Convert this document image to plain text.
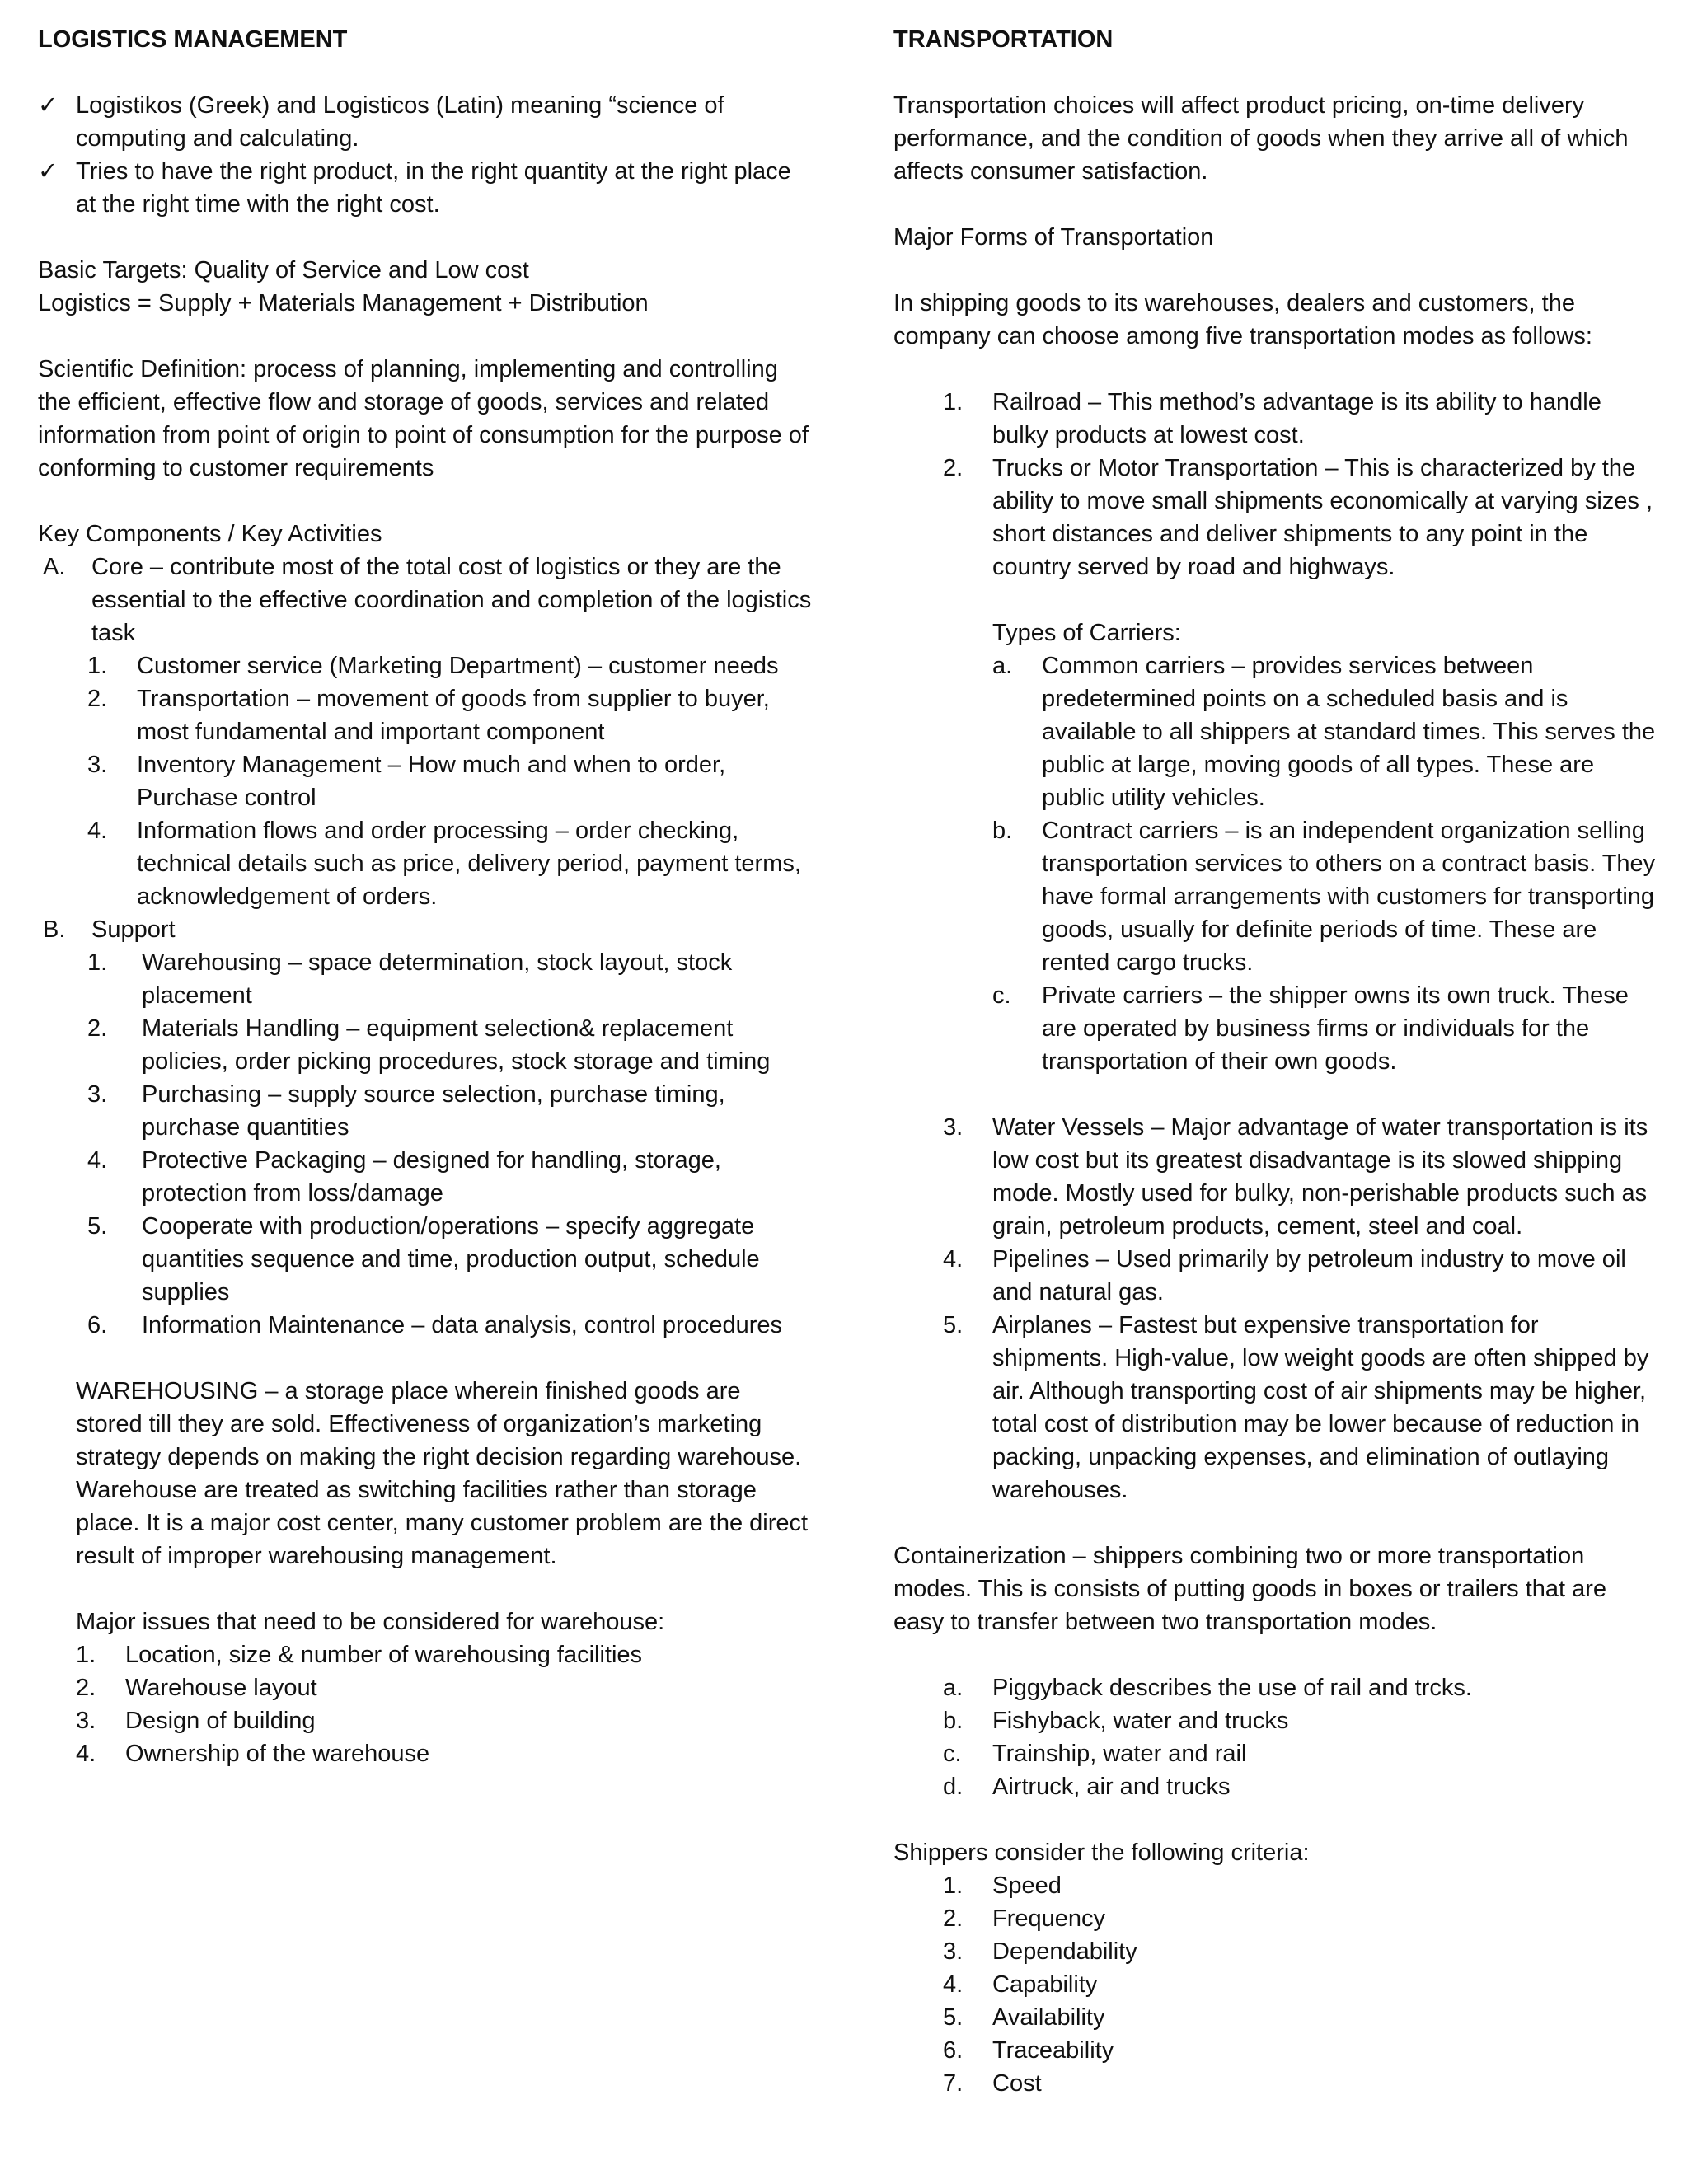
LOGISTICS MANAGEMENT

✓ Logistikos (Greek) and Logisticos (Latin) meaning “science of computing and calculating.
✓ Tries to have the right product, in the right quantity at the right place at the right time with the right cost.

Basic Targets: Quality of Service and Low cost

Logistics = Supply + Materials Management + Distribution

Scientific Definition: process of planning, implementing and controlling the efficient, effective flow and storage of goods, services and related information from point of origin to point of consumption for the purpose of conforming to customer requirements

Key Components / Key Activities

A.	Core – contribute most of the total cost of logistics or they are the essential to the effective coordination and completion of the logistics task
1.	Customer service (Marketing Department) – customer needs
2.	Transportation – movement of goods from supplier to buyer, most fundamental and important component
3.	Inventory Management – How much and when to order, Purchase control
4.	Information flows and order processing – order checking, technical details such as price, delivery period, payment terms, acknowledgement of orders.
B.	Support
1.	Warehousing – space determination, stock layout, stock placement
2.	Materials Handling – equipment selection& replacement policies, order picking procedures, stock storage and timing
3.	Purchasing – supply source selection, purchase timing, purchase quantities
4.	Protective Packaging – designed for handling, storage, protection from loss/damage
5.	Cooperate with production/operations – specify aggregate quantities sequence and time, production output, schedule supplies
6.	Information Maintenance – data analysis, control procedures

WAREHOUSING – a storage place wherein finished goods are stored till they are sold. Effectiveness of organization’s marketing strategy depends on making the right decision regarding warehouse.

Warehouse are treated as switching facilities rather than storage place. It is a major cost center, many customer problem are the direct result of improper warehousing management.

Major issues that need to be considered for warehouse:

1.	Location, size & number of warehousing facilities
2.	Warehouse layout
3.	Design of building
4.	Ownership of the warehouse

TRANSPORTATION

Transportation choices will affect product pricing, on-time delivery performance, and the condition of goods when they arrive all of which affects consumer satisfaction.

Major Forms of Transportation

In shipping goods to its warehouses, dealers and customers, the company can choose among five transportation modes as follows:

1.	Railroad – This method’s advantage is its ability to handle bulky products at lowest cost.
2.	Trucks or Motor Transportation – This is characterized by the ability to move small shipments economically at varying sizes , short distances and deliver shipments to any point in the country served by road and highways.

Types of Carriers:

a.	Common carriers – provides services between predetermined points on a scheduled basis and is available to all shippers at standard times. This serves the public at large, moving goods of all types. These are public utility vehicles.
b.	Contract carriers – is an independent organization selling transportation services to others on a contract basis. They have formal arrangements with customers for transporting goods, usually for definite periods of time. These are rented cargo trucks.
c.	Private carriers – the shipper owns its own truck. These are operated by business firms or individuals for the transportation of their own goods.
3.	Water Vessels – Major advantage of water transportation is its low cost but its greatest disadvantage is its slowed shipping mode. Mostly used for bulky, non-perishable products such as grain, petroleum products, cement, steel and coal.
4.	Pipelines – Used primarily by petroleum industry to move oil and natural gas.
5.	Airplanes – Fastest but expensive transportation for shipments. High-value, low weight goods are often shipped by air. Although transporting cost of air shipments may be higher, total cost of distribution may be lower because of reduction in packing, unpacking expenses, and elimination of outlaying warehouses.

Containerization – shippers combining two or more transportation modes. This is consists of putting goods in boxes or trailers that are easy to transfer between two transportation modes.

a.	Piggyback describes the use of rail and trcks.
b.	Fishyback, water and trucks
c.	Trainship, water and rail
d.	Airtruck, air and trucks

Shippers consider the following criteria:

1.	Speed
2.	Frequency
3.	Dependability
4.	Capability
5.	Availability
6.	Traceability
7.	Cost
